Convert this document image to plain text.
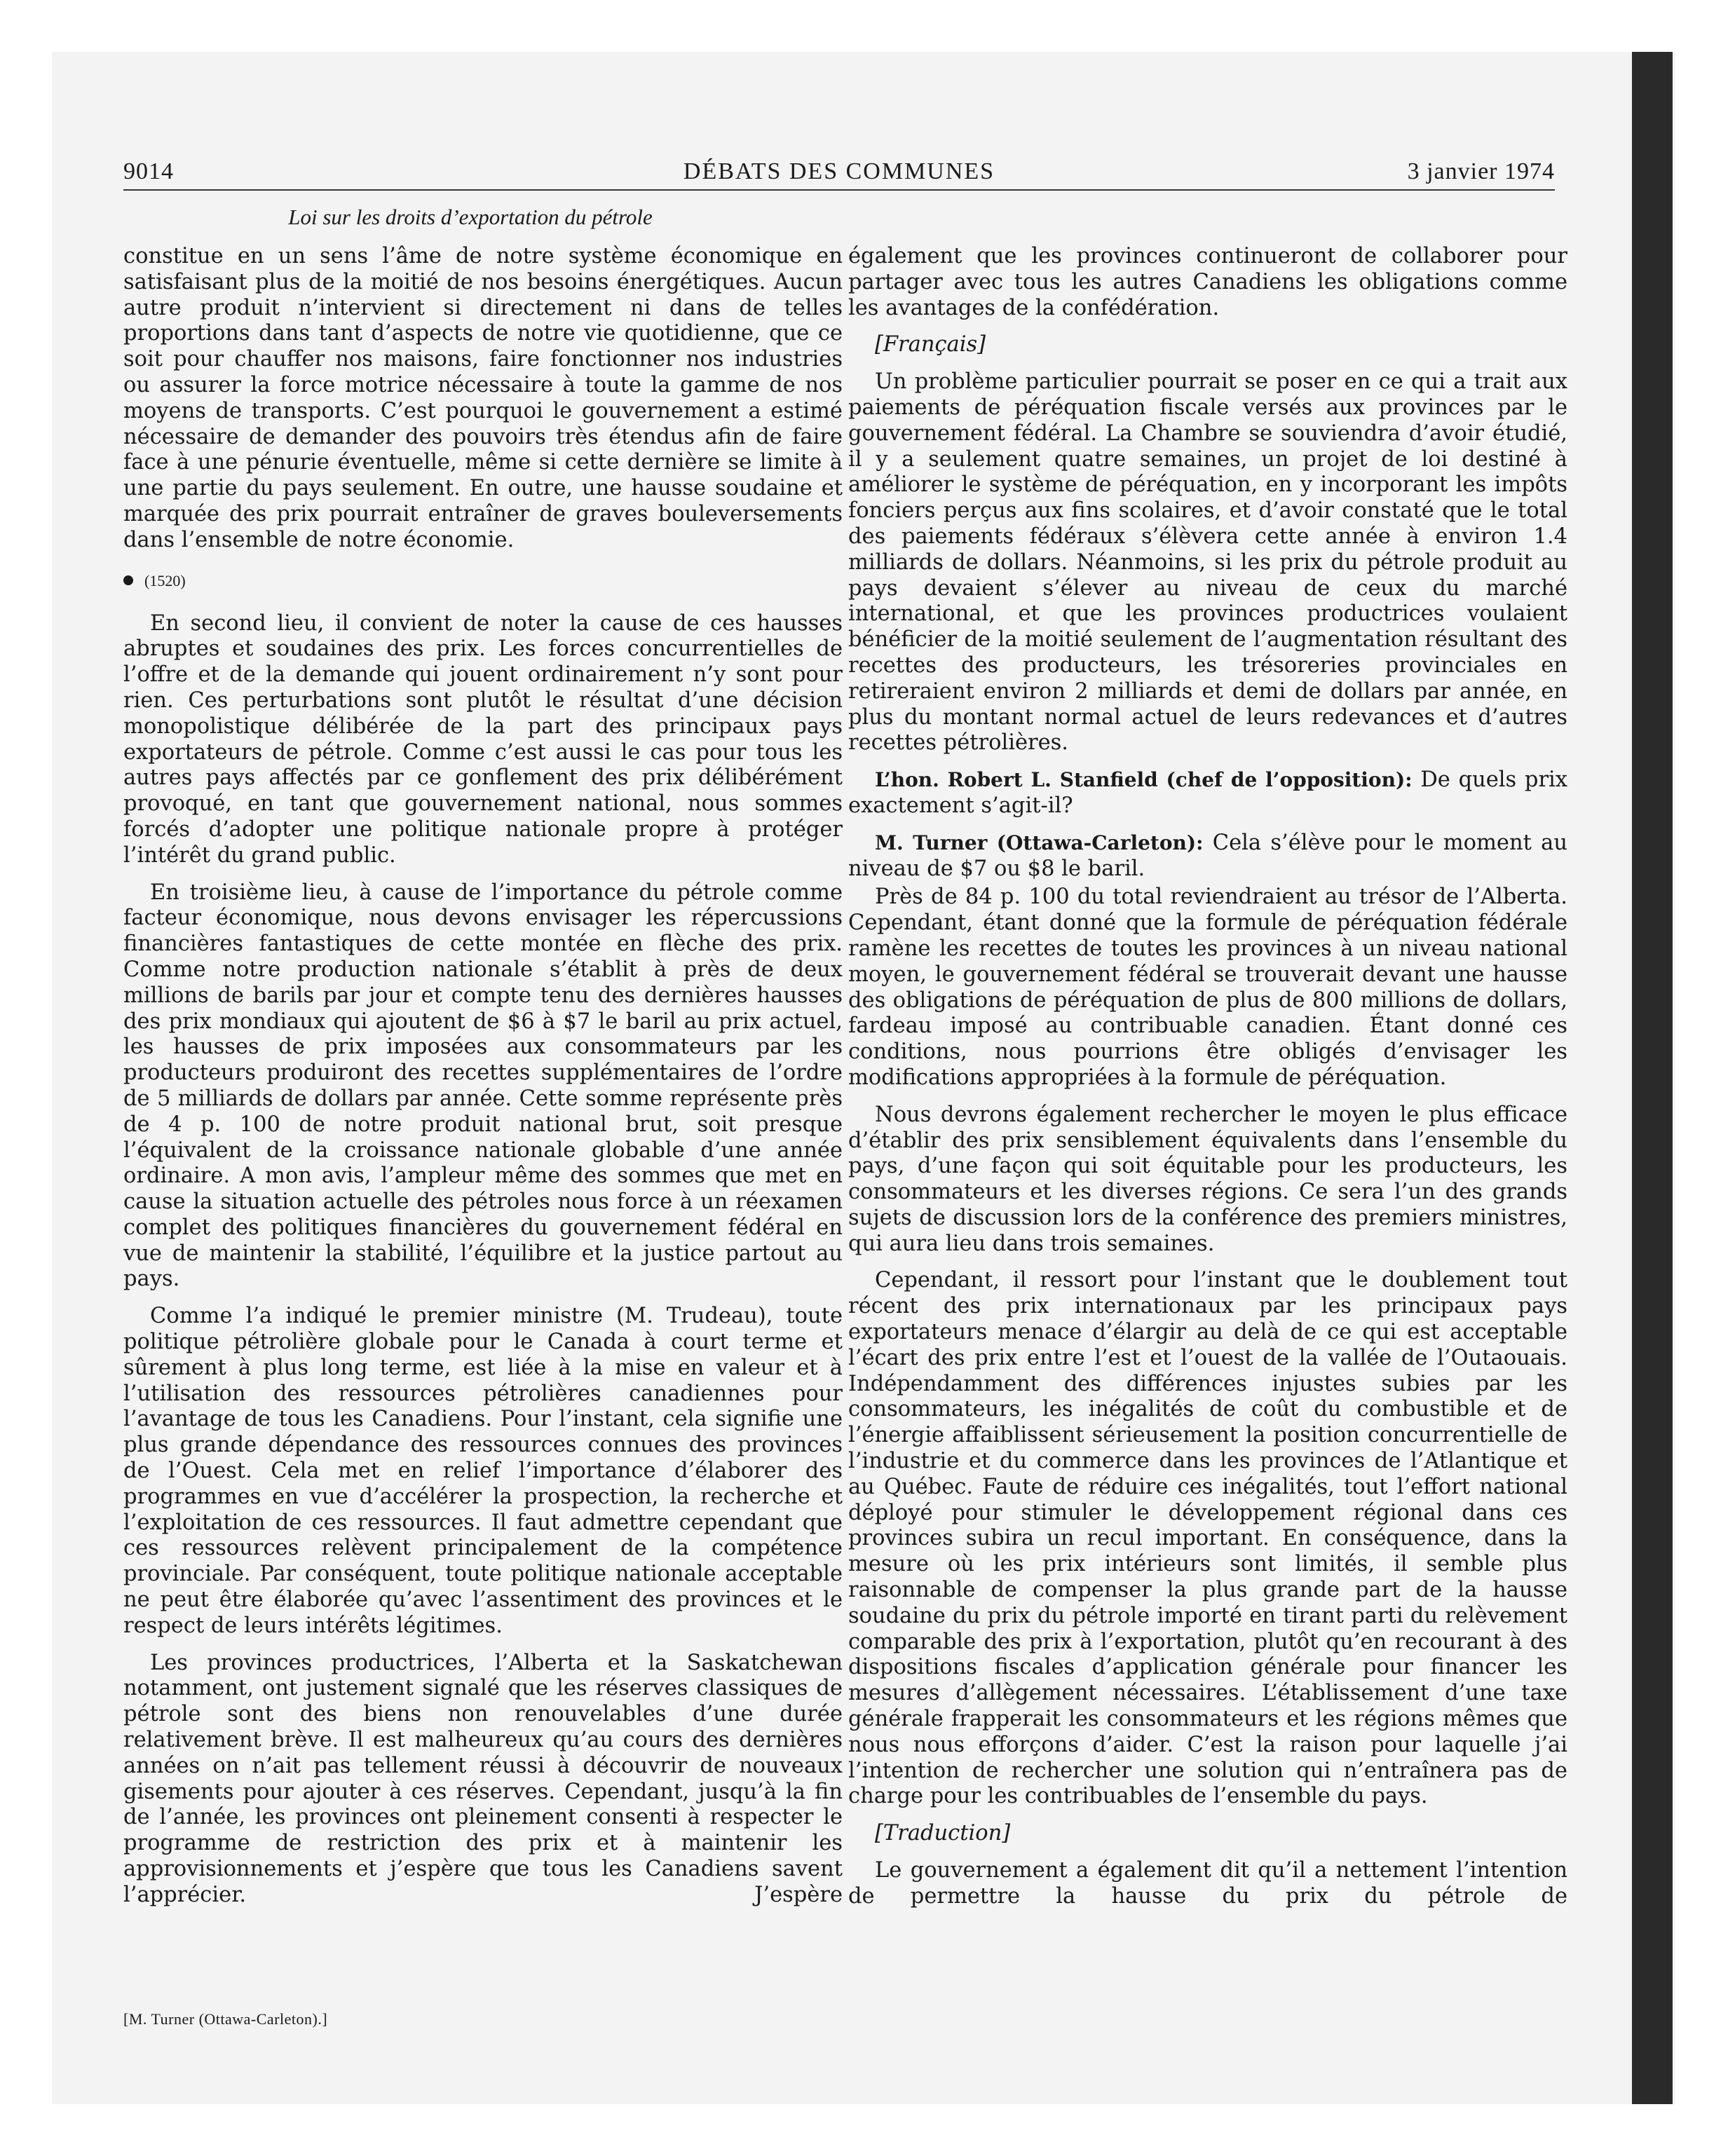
9014	DÉBATS DES COMMUNES	3 janvier 1974
Loi sur les droits d’exportation du pétrole

constitue en un sens l’âme de notre système économique en satisfaisant plus de la moitié de nos besoins énergétiques. Aucun autre produit n’intervient si directement ni dans de telles proportions dans tant d’aspects de notre vie quotidienne, que ce soit pour chauffer nos maisons, faire fonctionner nos industries ou assurer la force motrice nécessaire à toute la gamme de nos moyens de transports. C’est pourquoi le gouvernement a estimé nécessaire de demander des pouvoirs très étendus afin de faire face à une pénurie éventuelle, même si cette dernière se limite à une partie du pays seulement. En outre, une hausse soudaine et marquée des prix pourrait entraîner de graves bouleversements dans l’ensemble de notre économie.

(1520)

En second lieu, il convient de noter la cause de ces hausses abruptes et soudaines des prix. Les forces concurrentielles de l’offre et de la demande qui jouent ordinairement n’y sont pour rien. Ces perturbations sont plutôt le résultat d’une décision monopolistique délibérée de la part des principaux pays exportateurs de pétrole. Comme c’est aussi le cas pour tous les autres pays affectés par ce gonflement des prix délibérément provoqué, en tant que gouvernement national, nous sommes forcés d’adopter une politique nationale propre à protéger l’intérêt du grand public.

En troisième lieu, à cause de l’importance du pétrole comme facteur économique, nous devons envisager les répercussions financières fantastiques de cette montée en flèche des prix. Comme notre production nationale s’établit à près de deux millions de barils par jour et compte tenu des dernières hausses des prix mondiaux qui ajoutent de $6 à $7 le baril au prix actuel, les hausses de prix imposées aux consommateurs par les producteurs produiront des recettes supplémentaires de l’ordre de 5 milliards de dollars par année. Cette somme représente près de 4 p. 100 de notre produit national brut, soit presque l’équivalent de la croissance nationale globable d’une année ordinaire. A mon avis, l’ampleur même des sommes que met en cause la situation actuelle des pétroles nous force à un réexamen complet des politiques financières du gouvernement fédéral en vue de maintenir la stabilité, l’équilibre et la justice partout au pays.

Comme l’a indiqué le premier ministre (M. Trudeau), toute politique pétrolière globale pour le Canada à court terme et sûrement à plus long terme, est liée à la mise en valeur et à l’utilisation des ressources pétrolières canadiennes pour l’avantage de tous les Canadiens. Pour l’instant, cela signifie une plus grande dépendance des ressources connues des provinces de l’Ouest. Cela met en relief l’importance d’élaborer des programmes en vue d’accélérer la prospection, la recherche et l’exploitation de ces ressources. Il faut admettre cependant que ces ressources relèvent principalement de la compétence provinciale. Par conséquent, toute politique nationale acceptable ne peut être élaborée qu’avec l’assentiment des provinces et le respect de leurs intérêts légitimes.

Les provinces productrices, l’Alberta et la Saskatchewan notamment, ont justement signalé que les réserves classiques de pétrole sont des biens non renouvelables d’une durée relativement brève. Il est malheureux qu’au cours des dernières années on n’ait pas tellement réussi à découvrir de nouveaux gisements pour ajouter à ces réserves. Cependant, jusqu’à la fin de l’année, les provinces ont pleinement consenti à respecter le programme de restriction des prix et à maintenir les approvisionnements et j’espère que tous les Canadiens savent l’apprécier. J’espère

également que les provinces continueront de collaborer pour partager avec tous les autres Canadiens les obligations comme les avantages de la confédération.

[Français]

Un problème particulier pourrait se poser en ce qui a trait aux paiements de péréquation fiscale versés aux provinces par le gouvernement fédéral. La Chambre se souviendra d’avoir étudié, il y a seulement quatre semaines, un projet de loi destiné à améliorer le système de péréquation, en y incorporant les impôts fonciers perçus aux fins scolaires, et d’avoir constaté que le total des paiements fédéraux s’élèvera cette année à environ 1.4 milliards de dollars. Néanmoins, si les prix du pétrole produit au pays devaient s’élever au niveau de ceux du marché international, et que les provinces productrices voulaient bénéficier de la moitié seulement de l’augmentation résultant des recettes des producteurs, les trésoreries provinciales en retireraient environ 2 milliards et demi de dollars par année, en plus du montant normal actuel de leurs redevances et d’autres recettes pétrolières.

L’hon. Robert L. Stanfield (chef de l’opposition): De quels prix exactement s’agit-il?

M. Turner (Ottawa-Carleton): Cela s’élève pour le moment au niveau de $7 ou $8 le baril.

Près de 84 p. 100 du total reviendraient au trésor de l’Alberta. Cependant, étant donné que la formule de péréquation fédérale ramène les recettes de toutes les provinces à un niveau national moyen, le gouvernement fédéral se trouverait devant une hausse des obligations de péréquation de plus de 800 millions de dollars, fardeau imposé au contribuable canadien. Étant donné ces conditions, nous pourrions être obligés d’envisager les modifications appropriées à la formule de péréquation.

Nous devrons également rechercher le moyen le plus efficace d’établir des prix sensiblement équivalents dans l’ensemble du pays, d’une façon qui soit équitable pour les producteurs, les consommateurs et les diverses régions. Ce sera l’un des grands sujets de discussion lors de la conférence des premiers ministres, qui aura lieu dans trois semaines.

Cependant, il ressort pour l’instant que le doublement tout récent des prix internationaux par les principaux pays exportateurs menace d’élargir au delà de ce qui est acceptable l’écart des prix entre l’est et l’ouest de la vallée de l’Outaouais. Indépendamment des différences injustes subies par les consommateurs, les inégalités de coût du combustible et de l’énergie affaiblissent sérieusement la position concurrentielle de l’industrie et du commerce dans les provinces de l’Atlantique et au Québec. Faute de réduire ces inégalités, tout l’effort national déployé pour stimuler le développement régional dans ces provinces subira un recul important. En conséquence, dans la mesure où les prix intérieurs sont limités, il semble plus raisonnable de compenser la plus grande part de la hausse soudaine du prix du pétrole importé en tirant parti du relèvement comparable des prix à l’exportation, plutôt qu’en recourant à des dispositions fiscales d’application générale pour financer les mesures d’allègement nécessaires. L’établissement d’une taxe générale frapperait les consommateurs et les régions mêmes que nous nous efforçons d’aider. C’est la raison pour laquelle j’ai l’intention de rechercher une solution qui n’entraînera pas de charge pour les contribuables de l’ensemble du pays.

[Traduction]

Le gouvernement a également dit qu’il a nettement l’intention de permettre la hausse du prix du pétrole de

[M. Turner (Ottawa-Carleton).]
